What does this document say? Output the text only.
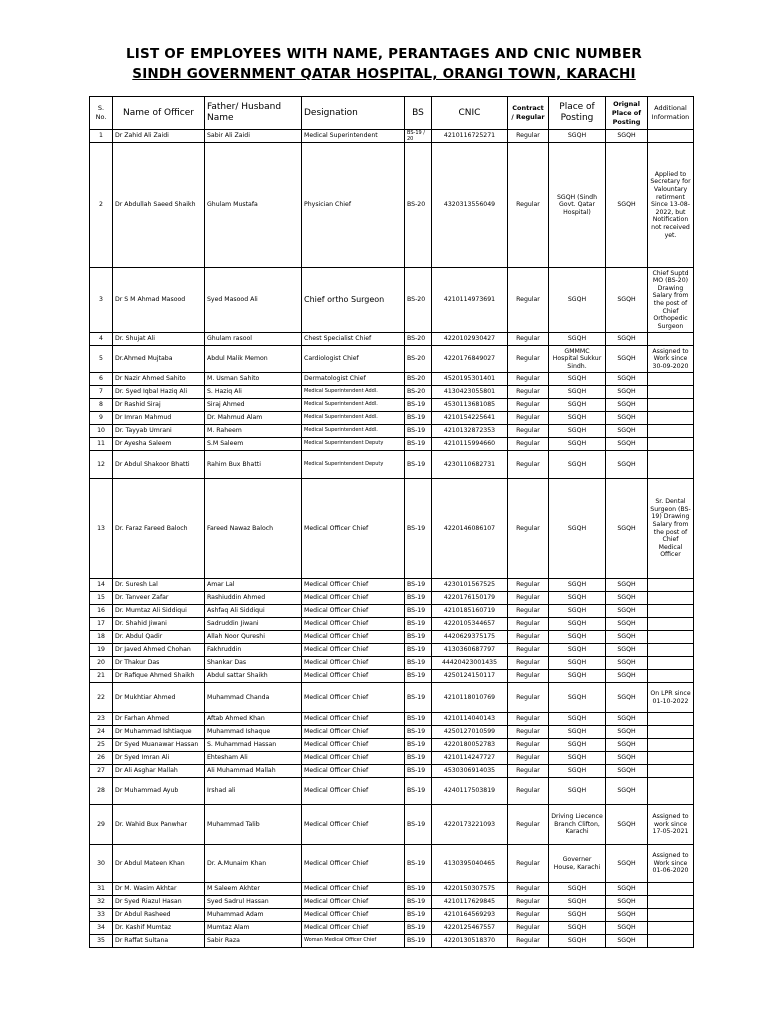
LIST OF EMPLOYEES WITH NAME, PERANTAGES AND CNIC NUMBER
SINDH GOVERNMENT QATAR HOSPITAL, ORANGI TOWN, KARACHI
S. No.	Name of Officer	Father/ Husband Name	Designation	BS	CNIC	Contract / Regular	Place of Posting	Orignal Place of Posting	Additional Information
1	Dr Zahid Ali Zaidi	Sabir Ali Zaidi	Medical Superintendent	BS-19 / 20	4210116725271	Regular	SGQH	SGQH	
2	Dr Abdullah Saeed Shaikh	Ghulam Mustafa	Physician Chief	BS-20	4320313556049	Regular	SGQH (Sindh Govt. Qatar Hospital)	SGQH	Applied to Secretary for Valountary retirment Since 13-08-2022, but Notification not received yet.
3	Dr S M Ahmad Masood	Syed Masood Ali	Chief ortho Surgeon	BS-20	4210114973691	Regular	SGQH	SGQH	Chief Suptd MO (BS-20) Drawing Salary from the post of Chief Orthopedic Surgeon
4	Dr. Shujat Ali	Ghulam rasool	Chest Specialist Chief	BS-20	4220102930427	Regular	SGQH	SGQH	
5	Dr.Ahmed Mujtaba	Abdul Malik Memon	Cardiologist Chief	BS-20	4220176849027	Regular	GMMMC Hospital Sukkur Sindh.	SGQH	Assigned to Work since 30-09-2020
6	Dr Nazir Ahmed Sahito	M. Usman Sahito	Dermatologist Chief	BS-20	4520195301401	Regular	SGQH	SGQH	
7	Dr. Syed Iqbal Haziq Ali	S. Haziq Ali	Medical Superintendent Addl.	BS-20	4130423055801	Regular	SGQH	SGQH	
8	Dr Rashid Siraj	Siraj Ahmed	Medical Superintendent Addl.	BS-19	4530113681085	Regular	SGQH	SGQH	
9	Dr Imran Mahmud	Dr. Mahmud Alam	Medical Superintendent Addl.	BS-19	4210154225641	Regular	SGQH	SGQH	
10	Dr. Tayyab Umrani	M. Raheem	Medical Superintendent Addl.	BS-19	4210132872353	Regular	SGQH	SGQH	
11	Dr Ayesha Saleem	S.M Saleem	Medical Superintendent Deputy	BS-19	4210115994660	Regular	SGQH	SGQH	
12	Dr Abdul Shakoor Bhatti	Rahim Bux Bhatti	Medical Superintendent Deputy	BS-19	4230110682731	Regular	SGQH	SGQH	
13	Dr. Faraz Fareed Baloch	Fareed Nawaz Baloch	Medical Officer Chief	BS-19	4220146086107	Regular	SGQH	SGQH	Sr. Dental Surgeon (BS-19) Drawing Salary from the post of Chief Medical Officer
14	Dr. Suresh Lal	Amar Lal	Medical Officer Chief	BS-19	4230101567525	Regular	SGQH	SGQH	
15	Dr. Tanveer Zafar	Rashiuddin Ahmed	Medical Officer Chief	BS-19	4220176150179	Regular	SGQH	SGQH	
16	Dr. Mumtaz Ali Siddiqui	Ashfaq Ali Siddiqui	Medical Officer Chief	BS-19	4210185160719	Regular	SGQH	SGQH	
17	Dr. Shahid Jiwani	Sadruddin Jiwani	Medical Officer Chief	BS-19	4220105344657	Regular	SGQH	SGQH	
18	Dr. Abdul Qadir	Allah Noor Qureshi	Medical Officer Chief	BS-19	4420629375175	Regular	SGQH	SGQH	
19	Dr Javed Ahmed Chohan	Fakhruddin	Medical Officer Chief	BS-19	4130360687797	Regular	SGQH	SGQH	
20	Dr Thakur Das	Shankar Das	Medical Officer Chief	BS-19	44420423001435	Regular	SGQH	SGQH	
21	Dr Rafique Ahmed Shaikh	Abdul sattar Shaikh	Medical Officer Chief	BS-19	4250124150117	Regular	SGQH	SGQH	
22	Dr Mukhtiar Ahmed	Muhammad Chanda	Medical Officer Chief	BS-19	4210118010769	Regular	SGQH	SGQH	On LPR since 01-10-2022
23	Dr Farhan Ahmed	Aftab Ahmed Khan	Medical Officer Chief	BS-19	4210114040143	Regular	SGQH	SGQH	
24	Dr Muhammad Ishtiaque	Muhammad Ishaque	Medical Officer Chief	BS-19	4250127010599	Regular	SGQH	SGQH	
25	Dr Syed Muanawar Hassan	S. Muhammad Hassan	Medical Officer Chief	BS-19	4220180052783	Regular	SGQH	SGQH	
26	Dr Syed Imran Ali	Ehtesham Ali	Medical Officer Chief	BS-19	4210114247727	Regular	SGQH	SGQH	
27	Dr Ali Asghar Mallah	Ali Muhammad Mallah	Medical Officer Chief	BS-19	4530306914035	Regular	SGQH	SGQH	
28	Dr Muhammad Ayub	Irshad ali	Medical Officer Chief	BS-19	4240117503819	Regular	SGQH	SGQH	
29	Dr. Wahid Bux Panwhar	Muhammad Talib	Medical Officer Chief	BS-19	4220173221093	Regular	Driving Liecence Branch Clifton, Karachi	SGQH	Assigned to work since 17-05-2021
30	Dr Abdul Mateen Khan	Dr. A.Munaim Khan	Medical Officer Chief	BS-19	4130395040465	Regular	Governer House, Karachi	SGQH	Assigned to Work since 01-06-2020
31	Dr M. Wasim Akhtar	M Saleem Akhter	Medical Officer Chief	BS-19	4220150307575	Regular	SGQH	SGQH	
32	Dr Syed Riazul Hasan	Syed Sadrul Hassan	Medical Officer Chief	BS-19	4210117629845	Regular	SGQH	SGQH	
33	Dr Abdul Rasheed	Muhammad Adam	Medical Officer Chief	BS-19	4210164569293	Regular	SGQH	SGQH	
34	Dr. Kashif Mumtaz	Mumtaz Alam	Medical Officer Chief	BS-19	4220125467557	Regular	SGQH	SGQH	
35	Dr Raffat Sultana	Sabir Raza	Woman Medical Officer Chief	BS-19	4220130518370	Regular	SGQH	SGQH	
